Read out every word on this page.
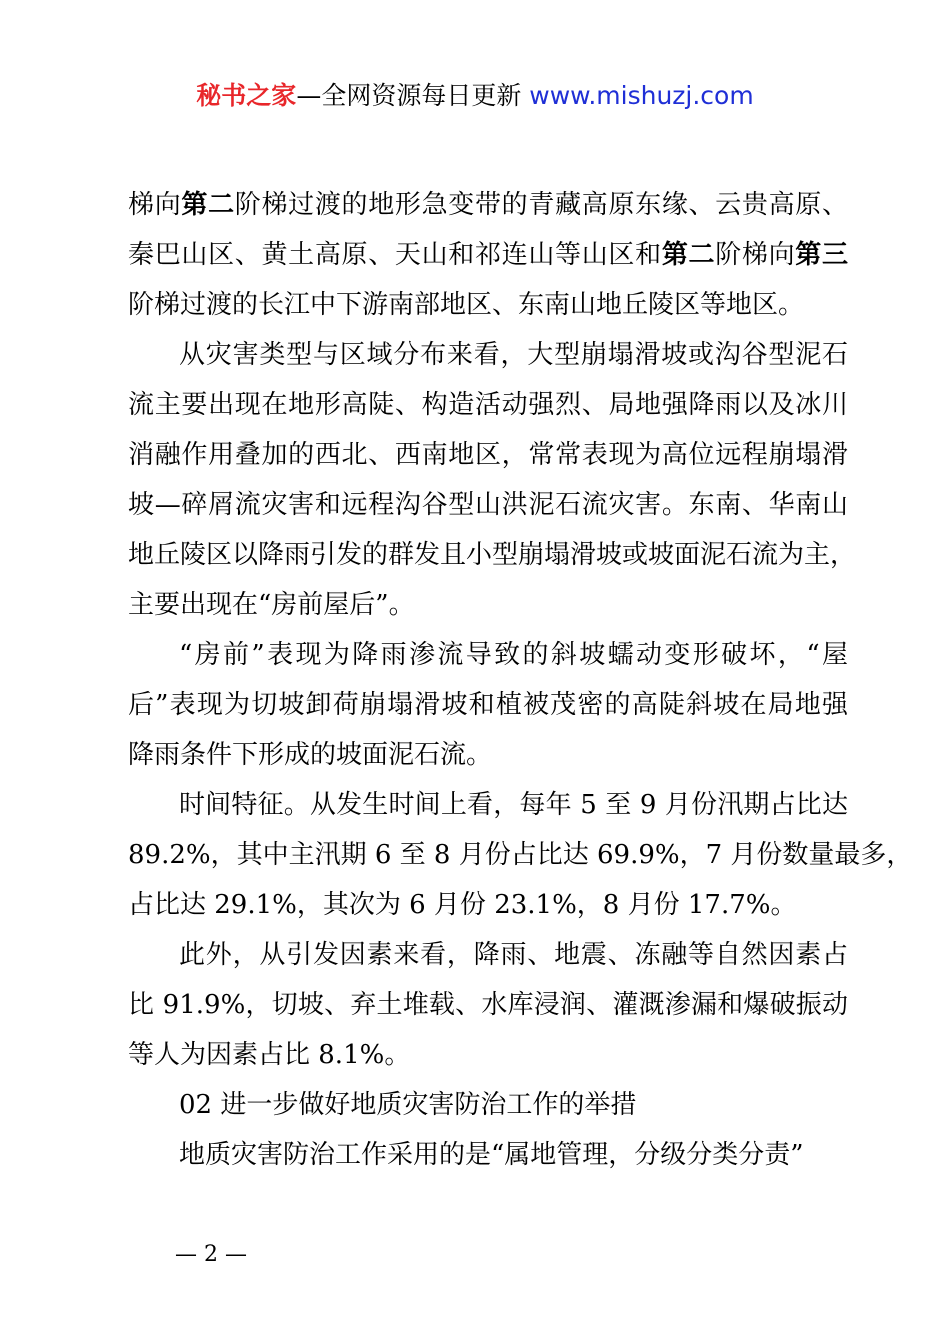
秘书之家—全网资源每日更新 www.mishuzj.com
梯向第二阶梯过渡的地形急变带的青藏高原东缘、云贵高原、
秦巴山区、黄土高原、天山和祁连山等山区和第二阶梯向第三
阶梯过渡的长江中下游南部地区、东南山地丘陵区等地区。
从灾害类型与区域分布来看，大型崩塌滑坡或沟谷型泥石
流主要出现在地形高陡、构造活动强烈、局地强降雨以及冰川
消融作用叠加的西北、西南地区，常常表现为高位远程崩塌滑
坡—碎屑流灾害和远程沟谷型山洪泥石流灾害。东南、华南山
地丘陵区以降雨引发的群发且小型崩塌滑坡或坡面泥石流为主，
主要出现在“房前屋后”。
“房前”表现为降雨渗流导致的斜坡蠕动变形破坏，“屋
后”表现为切坡卸荷崩塌滑坡和植被茂密的高陡斜坡在局地强
降雨条件下形成的坡面泥石流。
时间特征。从发生时间上看，每年 5 至 9 月份汛期占比达
89.2%，其中主汛期 6 至 8 月份占比达 69.9%，7 月份数量最多，
占比达 29.1%，其次为 6 月份 23.1%，8 月份 17.7%。
此外，从引发因素来看，降雨、地震、冻融等自然因素占
比 91.9%，切坡、弃土堆载、水库浸润、灌溉渗漏和爆破振动
等人为因素占比 8.1%。
02 进一步做好地质灾害防治工作的举措
地质灾害防治工作采用的是“属地管理，分级分类分责”
— 2 —
